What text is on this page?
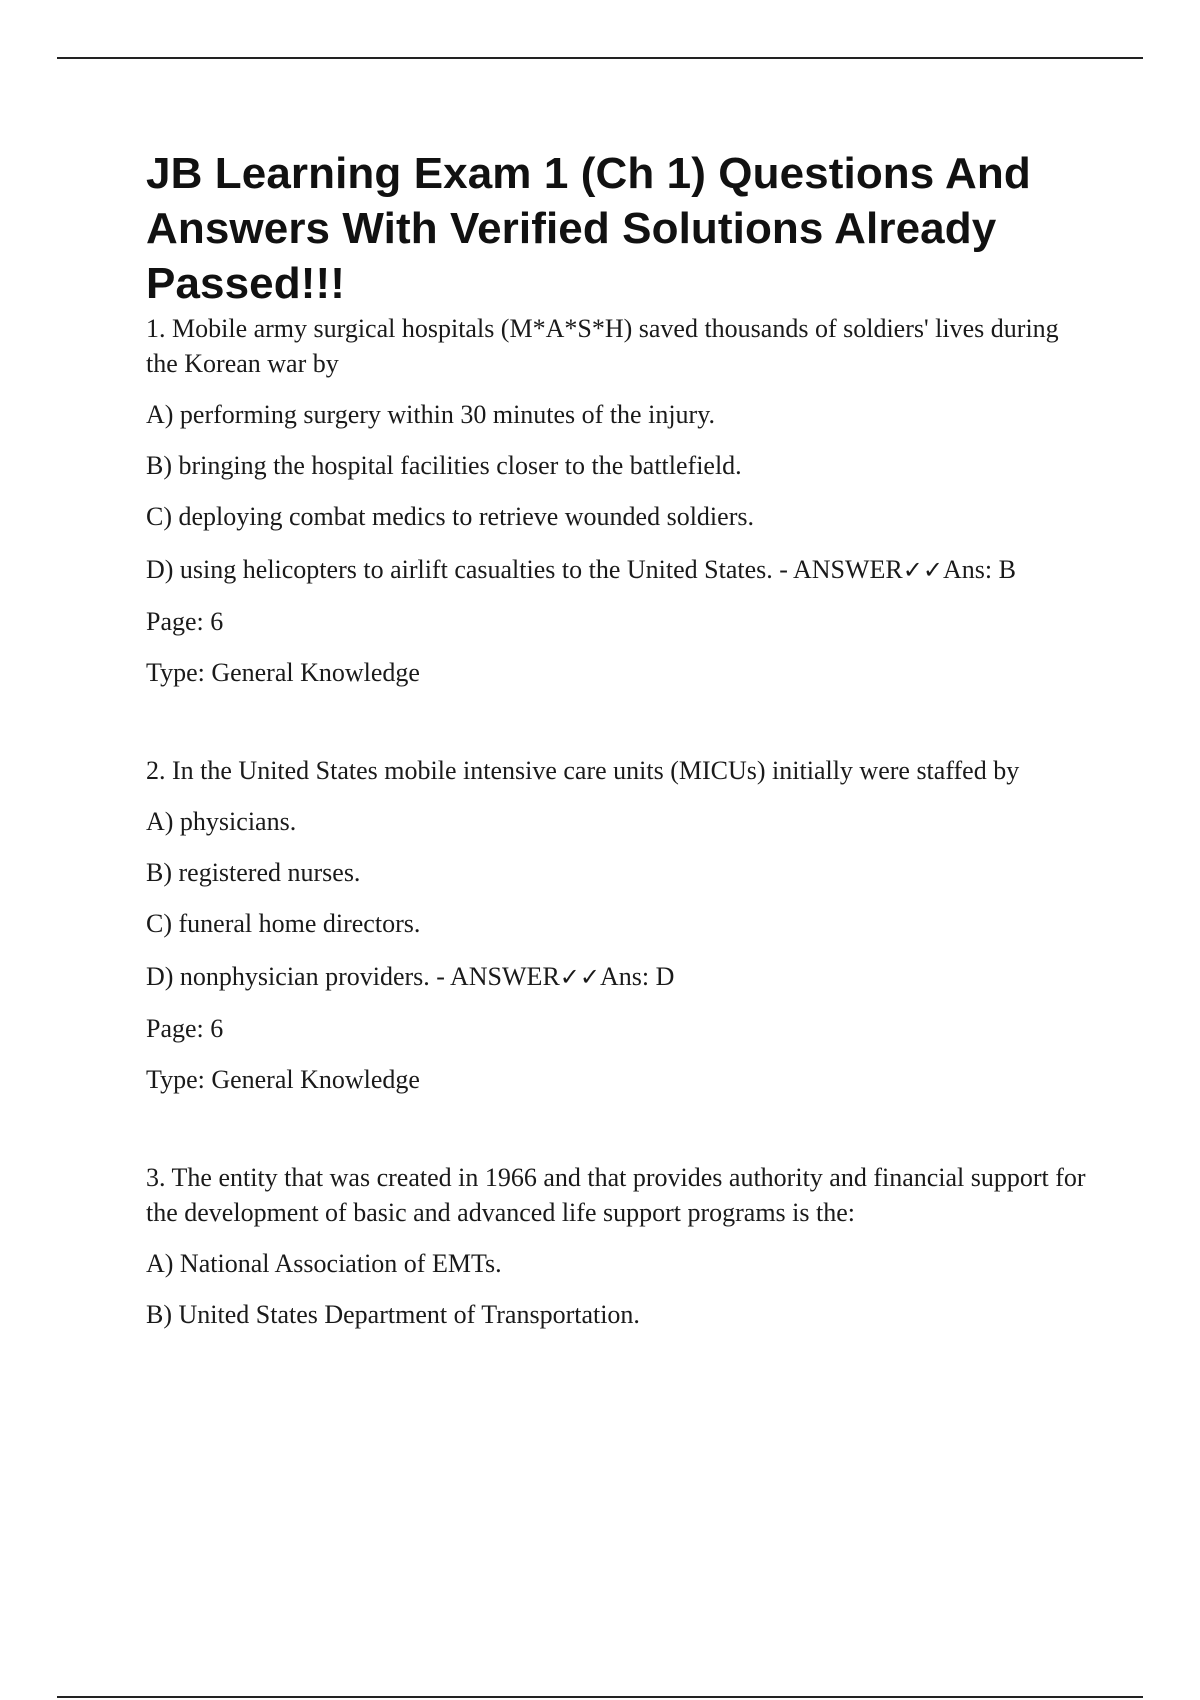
JB Learning Exam 1 (Ch 1) Questions And Answers With Verified Solutions Already Passed!!!

1. Mobile army surgical hospitals (M*A*S*H) saved thousands of soldiers' lives during the Korean war by

A) performing surgery within 30 minutes of the injury.

B) bringing the hospital facilities closer to the battlefield.

C) deploying combat medics to retrieve wounded soldiers.

D) using helicopters to airlift casualties to the United States. - ANSWER✓✓Ans: B

Page: 6

Type: General Knowledge

2. In the United States mobile intensive care units (MICUs) initially were staffed by

A) physicians.

B) registered nurses.

C) funeral home directors.

D) nonphysician providers. - ANSWER✓✓Ans: D

Page: 6

Type: General Knowledge

3. The entity that was created in 1966 and that provides authority and financial support for the development of basic and advanced life support programs is the:

A) National Association of EMTs.

B) United States Department of Transportation.
